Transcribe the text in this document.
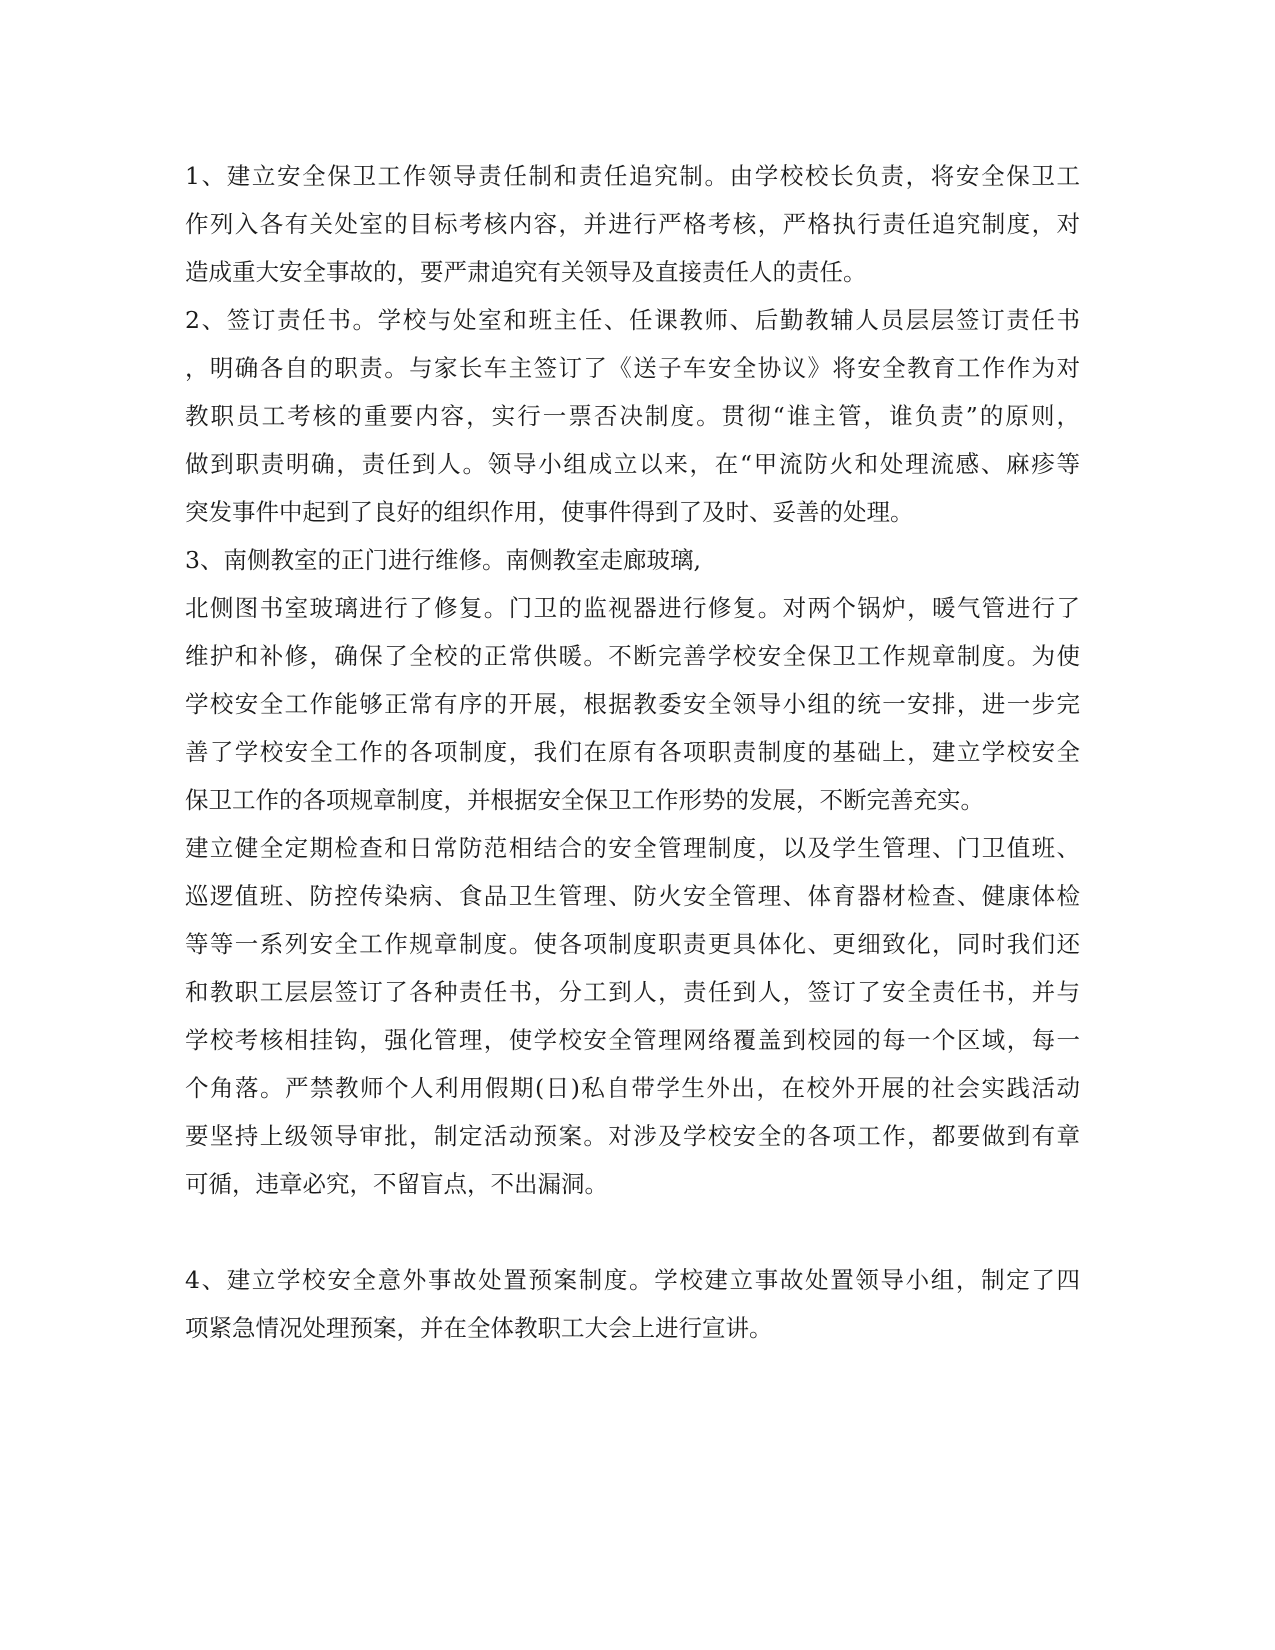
1、建立安全保卫工作领导责任制和责任追究制。由学校校长负责，将安全保卫工
作列入各有关处室的目标考核内容，并进行严格考核，严格执行责任追究制度，对
造成重大安全事故的，要严肃追究有关领导及直接责任人的责任。
2、签订责任书。学校与处室和班主任、任课教师、后勤教辅人员层层签订责任书
，明确各自的职责。与家长车主签订了《送子车安全协议》将安全教育工作作为对
教职员工考核的重要内容，实行一票否决制度。贯彻“谁主管，谁负责”的原则，
做到职责明确，责任到人。领导小组成立以来，在“甲流防火和处理流感、麻疹等
突发事件中起到了良好的组织作用，使事件得到了及时、妥善的处理。
3、南侧教室的正门进行维修。南侧教室走廊玻璃,
北侧图书室玻璃进行了修复。门卫的监视器进行修复。对两个锅炉，暖气管进行了
维护和补修，确保了全校的正常供暖。不断完善学校安全保卫工作规章制度。为使
学校安全工作能够正常有序的开展，根据教委安全领导小组的统一安排，进一步完
善了学校安全工作的各项制度，我们在原有各项职责制度的基础上，建立学校安全
保卫工作的各项规章制度，并根据安全保卫工作形势的发展，不断完善充实。
建立健全定期检查和日常防范相结合的安全管理制度，以及学生管理、门卫值班、
巡逻值班、防控传染病、食品卫生管理、防火安全管理、体育器材检查、健康体检
等等一系列安全工作规章制度。使各项制度职责更具体化、更细致化，同时我们还
和教职工层层签订了各种责任书，分工到人，责任到人，签订了安全责任书，并与
学校考核相挂钩，强化管理，使学校安全管理网络覆盖到校园的每一个区域，每一
个角落。严禁教师个人利用假期(日)私自带学生外出，在校外开展的社会实践活动
要坚持上级领导审批，制定活动预案。对涉及学校安全的各项工作，都要做到有章
可循，违章必究，不留盲点，不出漏洞。
4、建立学校安全意外事故处置预案制度。学校建立事故处置领导小组，制定了四
项紧急情况处理预案，并在全体教职工大会上进行宣讲。
